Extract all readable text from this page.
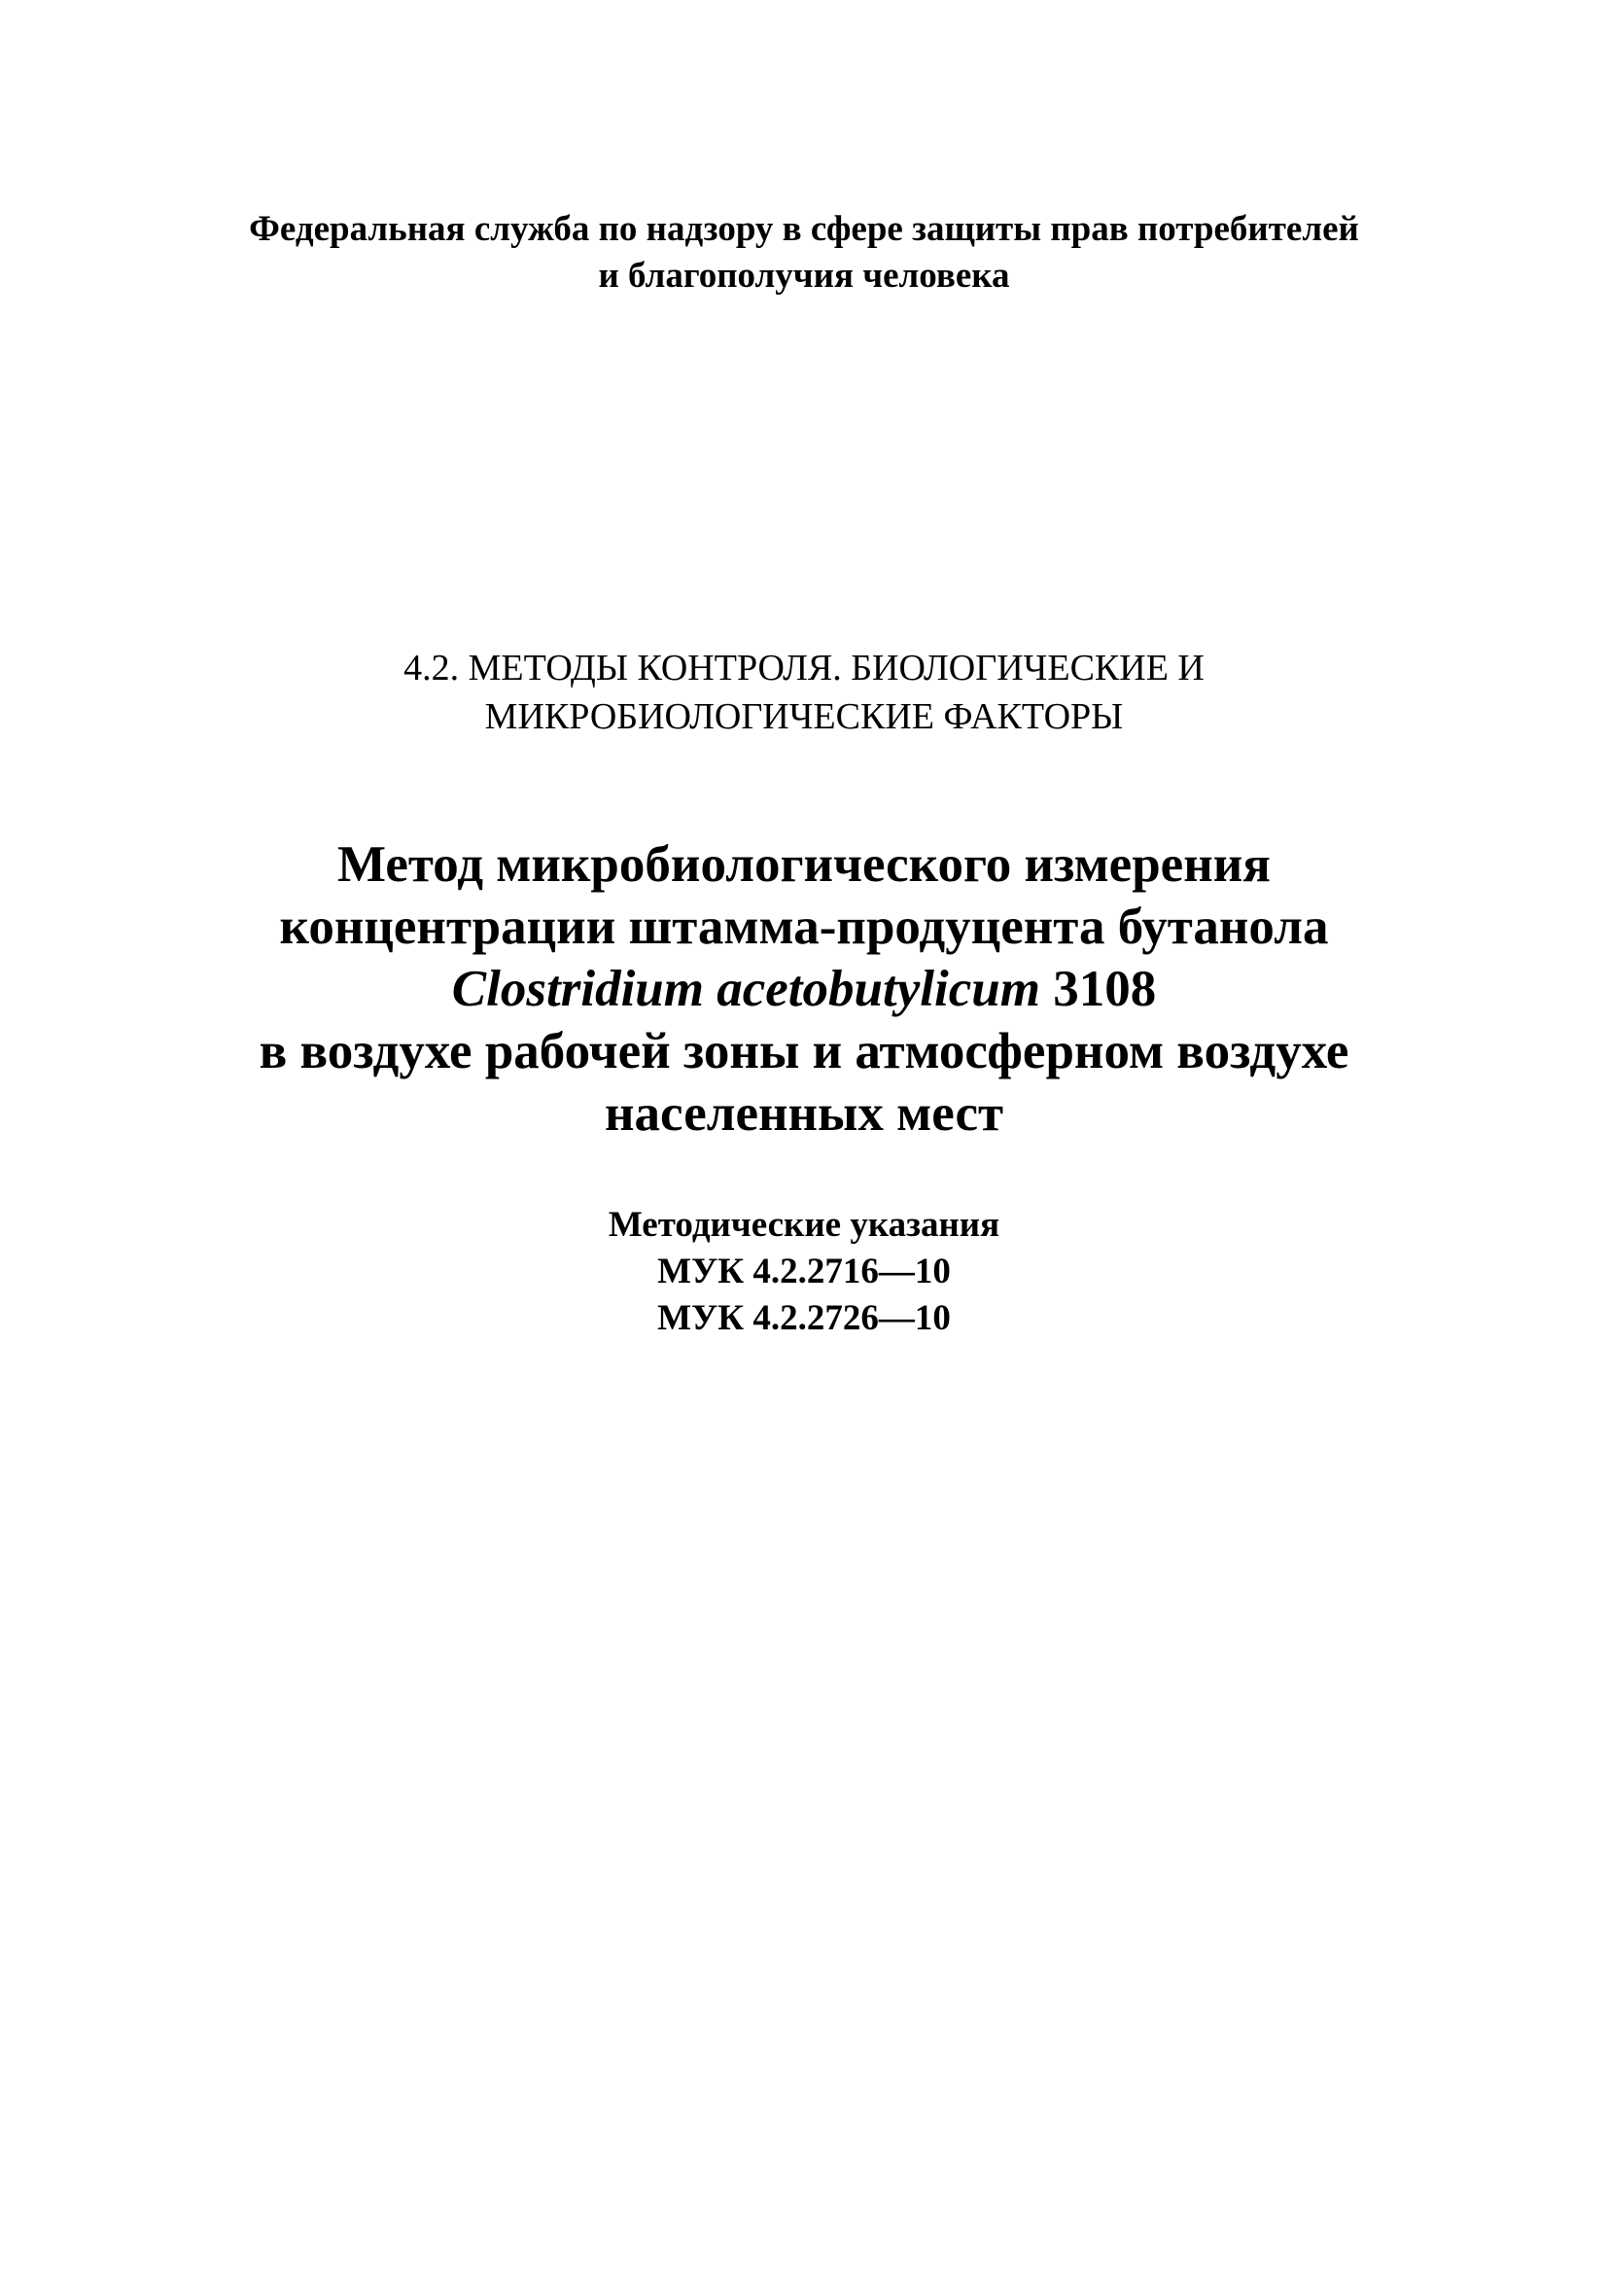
Федеральная служба по надзору в сфере защиты прав потребителей
и благополучия человека
4.2. МЕТОДЫ КОНТРОЛЯ. БИОЛОГИЧЕСКИЕ И
МИКРОБИОЛОГИЧЕСКИЕ ФАКТОРЫ
Метод микробиологического измерения
концентрации штамма-продуцента бутанола
Clostridium acetobutylicum 3108
в воздухе рабочей зоны и атмосферном воздухе
населенных мест
Методические указания
МУК 4.2.2716—10
МУК 4.2.2726—10
